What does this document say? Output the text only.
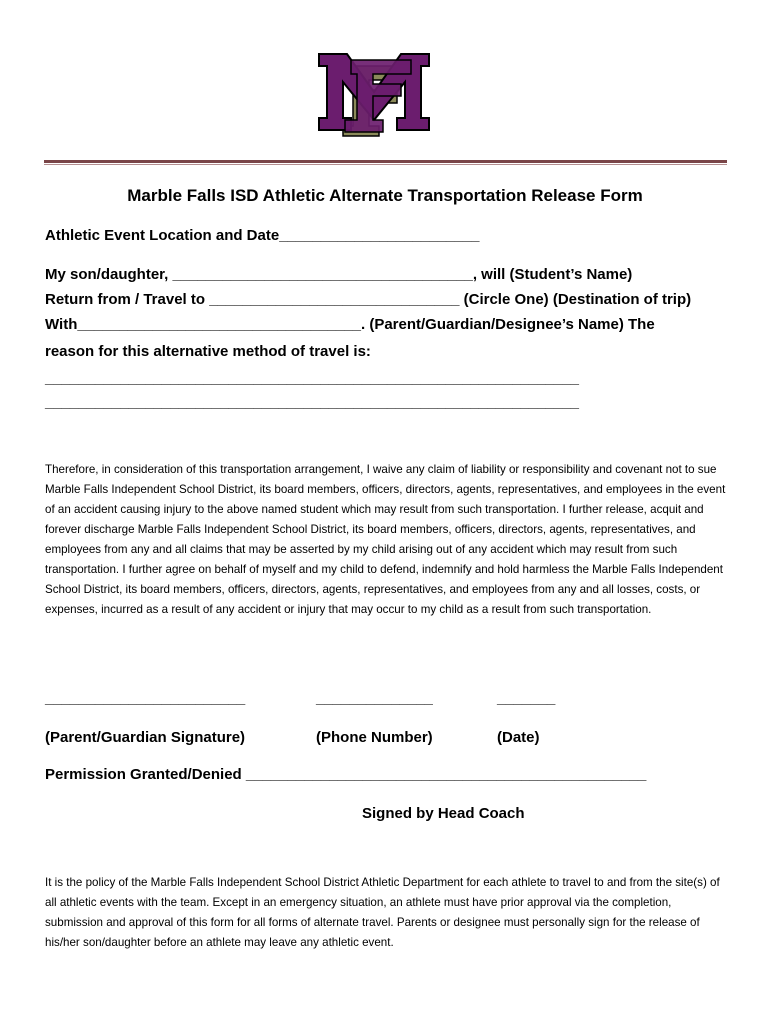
Marble Falls ISD Athletic Alternate Transportation Release Form
Athletic Event Location and Date________________________
My son/daughter, ____________________________________, will (Student’s Name)
Return from / Travel to ______________________________ (Circle One) (Destination of trip)
With__________________________________. (Parent/Guardian/Designee’s Name) The
reason for this alternative method of travel is:
________________________________________________________________
________________________________________________________________
Therefore, in consideration of this transportation arrangement, I waive any claim of liability or responsibility and covenant not to sue Marble Falls Independent School District, its board members, officers, directors, agents, representatives, and employees in the event of an accident causing injury to the above named student which may result from such transportation. I further release, acquit and forever discharge Marble Falls Independent School District, its board members, officers, directors, agents, representatives, and employees from any and all claims that may be asserted by my child arising out of any accident which may result from such transportation. I further agree on behalf of myself and my child to defend, indemnify and hold harmless the Marble Falls Independent School District, its board members, officers, directors, agents, representatives, and employees from any and all losses, costs, or expenses, incurred as a result of any accident or injury that may occur to my child as a result from such transportation.
________________________	______________	_______
(Parent/Guardian Signature)	(Phone Number)	(Date)
Permission Granted/Denied ________________________________________________
Signed by Head Coach
It is the policy of the Marble Falls Independent School District Athletic Department for each athlete to travel to and from the site(s) of all athletic events with the team. Except in an emergency situation, an athlete must have prior approval via the completion, submission and approval of this form for all forms of alternate travel. Parents or designee must personally sign for the release of his/her son/daughter before an athlete may leave any athletic event.
